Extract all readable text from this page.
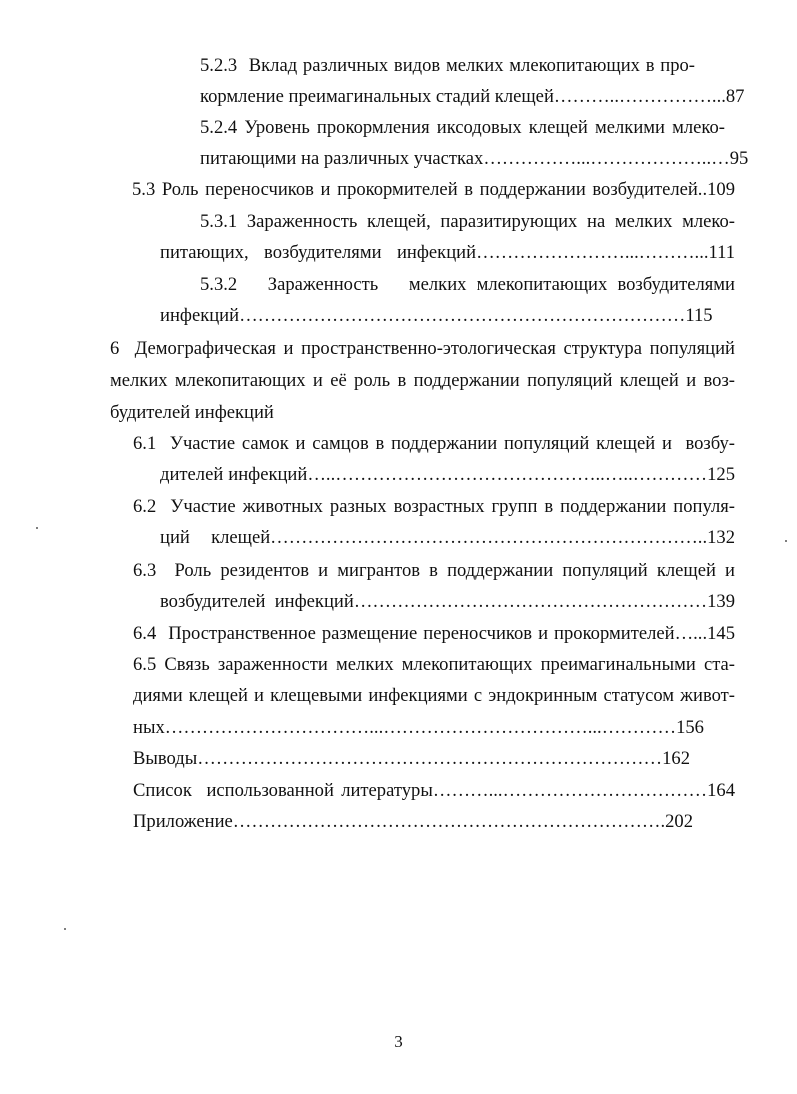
5.2.3  Вклад различных видов мелких млекопитающих в про-
кормление преимагинальных стадий клещей………..……………...87
5.2.4 Уровень прокормления иксодовых клещей мелкими млеко-
питающими на различных участках……………...………………..…95
5.3 Роль переносчиков и прокормителей в поддержании возбудителей..109
5.3.1 Зараженность клещей, паразитирующих на мелких млеко-
питающих, возбудителями инфекций……………………...………...111
5.3.2   Зараженность   мелких млекопитающих возбудителями
инфекций………………………………………………………………115
6  Демографическая и пространственно-этологическая структура популяций
мелких млекопитающих и её роль в поддержании популяций клещей и воз-
будителей инфекций
6.1  Участие самок и самцов в поддержании популяций клещей и  возбу-
дителей инфекций…..……………………………………..…..…………125
6.2  Участие животных разных возрастных групп в поддержании популя-
ций клещей……………………………………………………………..132
6.3  Роль резидентов и мигрантов в поддержании популяций клещей и
возбудителей инфекций…………………………………………………139
6.4  Пространственное размещение переносчиков и прокормителей…...145
6.5 Связь зараженности мелких млекопитающих преимагинальными ста-
диями клещей и клещевыми инфекциями с эндокринным статусом живот-
ных……………………………...……………………………...…………156
Выводы…………………………………………………………………162
Список  использованной литературы………...……………………………164
Приложение…………………………………………………………….202
3
